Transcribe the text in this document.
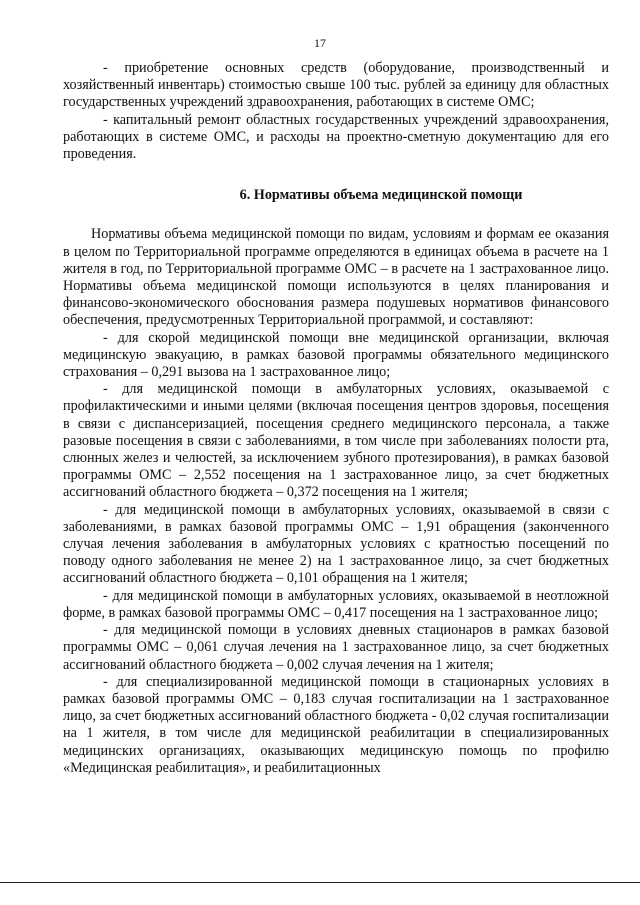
17

- приобретение основных средств (оборудование, производственный и хозяйственный инвентарь) стоимостью свыше 100 тыс. рублей за единицу для областных государственных учреждений здравоохранения, работающих в системе ОМС;

- капитальный ремонт областных государственных учреждений здравоохранения, работающих в системе ОМС, и расходы на проектно-сметную документацию для его проведения.

6. Нормативы объема медицинской помощи

Нормативы объема медицинской помощи по видам, условиям и формам ее оказания в целом по Территориальной программе определяются в единицах объема в расчете на 1 жителя в год, по Территориальной программе ОМС – в расчете на 1 застрахованное лицо. Нормативы объема медицинской помощи используются в целях планирования и финансово-экономического обоснования размера подушевых нормативов финансового обеспечения, предусмотренных Территориальной программой, и составляют:

- для скорой медицинской помощи вне медицинской организации, включая медицинскую эвакуацию, в рамках базовой программы обязательного медицинского страхования – 0,291 вызова на 1 застрахованное лицо;

- для медицинской помощи в амбулаторных условиях, оказываемой с профилактическими и иными целями (включая посещения центров здоровья, посещения в связи с диспансеризацией, посещения среднего медицинского персонала, а также разовые посещения в связи с заболеваниями, в том числе при заболеваниях полости рта, слюнных желез и челюстей, за исключением зубного протезирования), в рамках базовой программы ОМС – 2,552 посещения на 1 застрахованное лицо, за счет бюджетных ассигнований областного бюджета – 0,372 посещения на 1 жителя;

- для медицинской помощи в амбулаторных условиях, оказываемой в связи с заболеваниями, в рамках базовой программы ОМС – 1,91 обращения (законченного случая лечения заболевания в амбулаторных условиях с кратностью посещений по поводу одного заболевания не менее 2) на 1 застрахованное лицо, за счет бюджетных ассигнований областного бюджета – 0,101 обращения на 1 жителя;

- для медицинской помощи в амбулаторных условиях, оказываемой в неотложной форме, в рамках базовой программы ОМС – 0,417 посещения на 1 застрахованное лицо;

- для медицинской помощи в условиях дневных стационаров в рамках базовой программы ОМС – 0,061 случая лечения на 1 застрахованное лицо, за счет бюджетных ассигнований областного бюджета – 0,002 случая лечения на 1 жителя;

- для специализированной медицинской помощи в стационарных условиях в рамках базовой программы ОМС – 0,183 случая госпитализации на 1 застрахованное лицо, за счет бюджетных ассигнований областного бюджета - 0,02 случая госпитализации на 1 жителя, в том числе для медицинской реабилитации в специализированных медицинских организациях, оказывающих медицинскую помощь по профилю «Медицинская реабилитация», и реабилитационных
